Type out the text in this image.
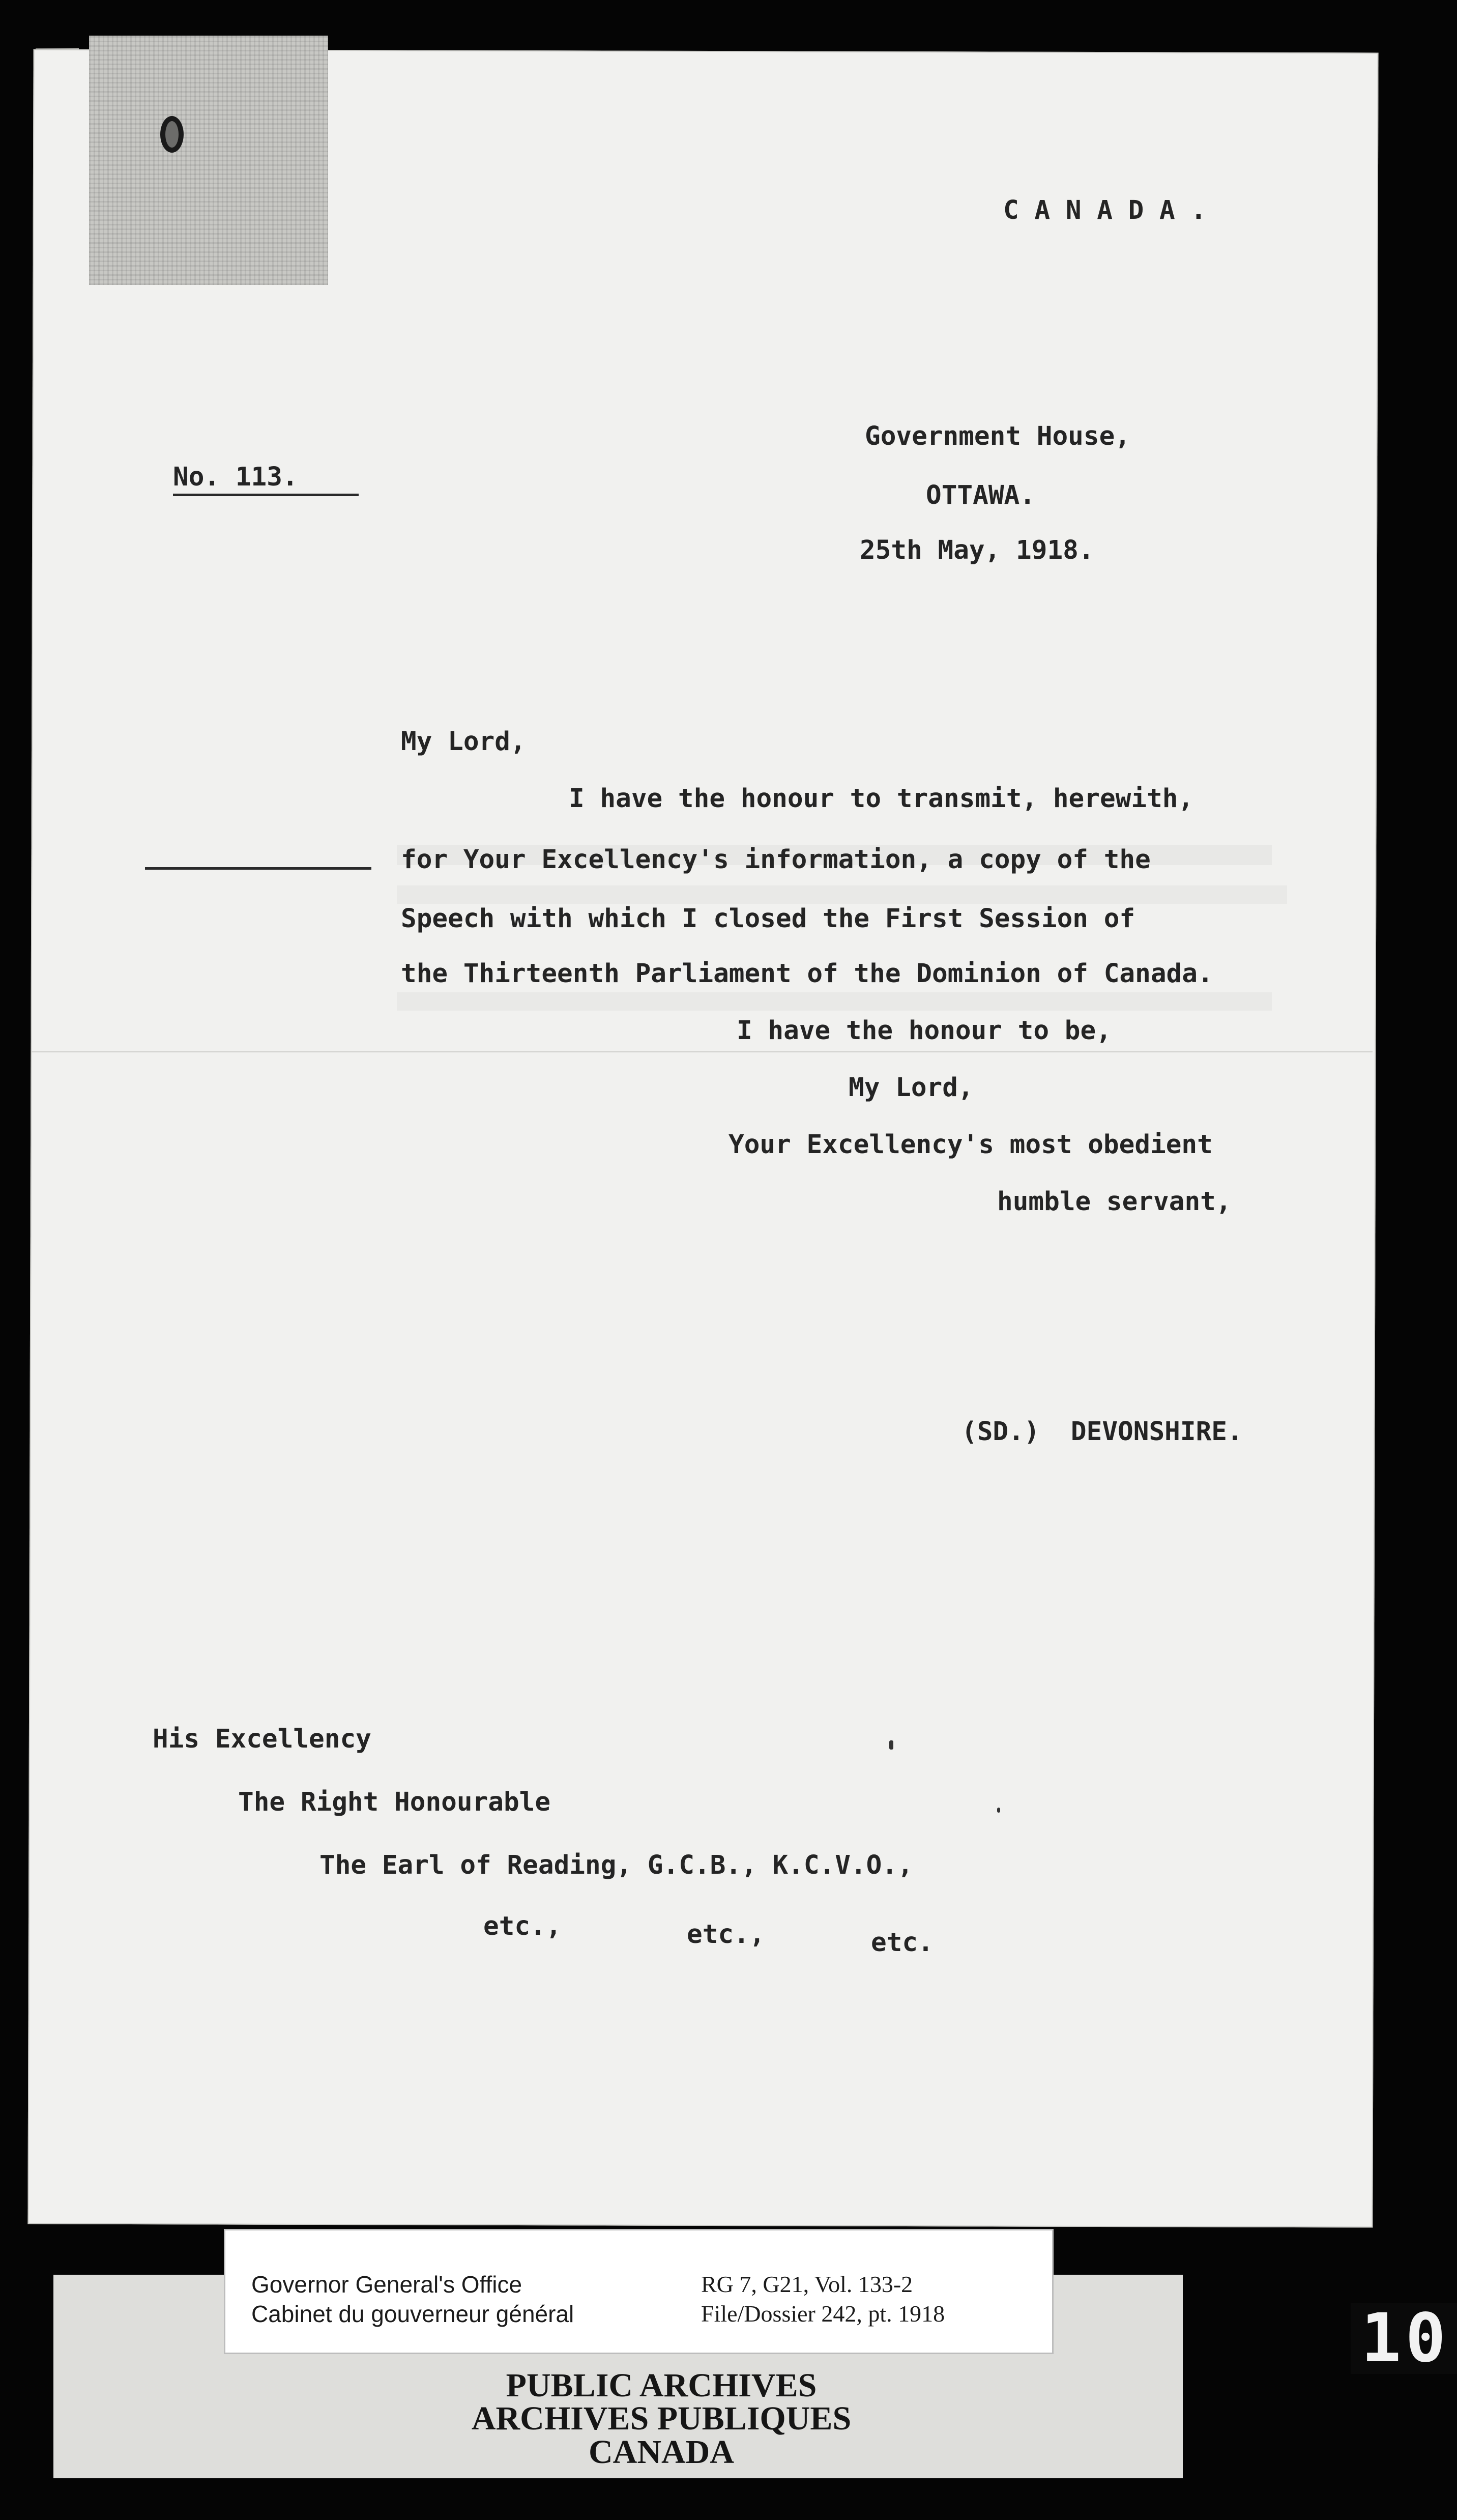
C A N A D A .
Government House,
No. 113.
OTTAWA.
25th May, 1918.
My Lord,
I have the honour to transmit, herewith,
for Your Excellency's information, a copy of the
Speech with which I closed the First Session of
the Thirteenth Parliament of the Dominion of Canada.
I have the honour to be,
My Lord,
Your Excellency's most obedient
humble servant,
(SD.)  DEVONSHIRE.
His Excellency
The Right Honourable
The Earl of Reading, G.C.B., K.C.V.O.,
etc.,	etc.,	etc.
Governor General's Office
Cabinet du gouverneur général
RG 7, G21, Vol. 133-2
File/Dossier 242, pt. 1918
PUBLIC ARCHIVES
ARCHIVES PUBLIQUES
CANADA
10
